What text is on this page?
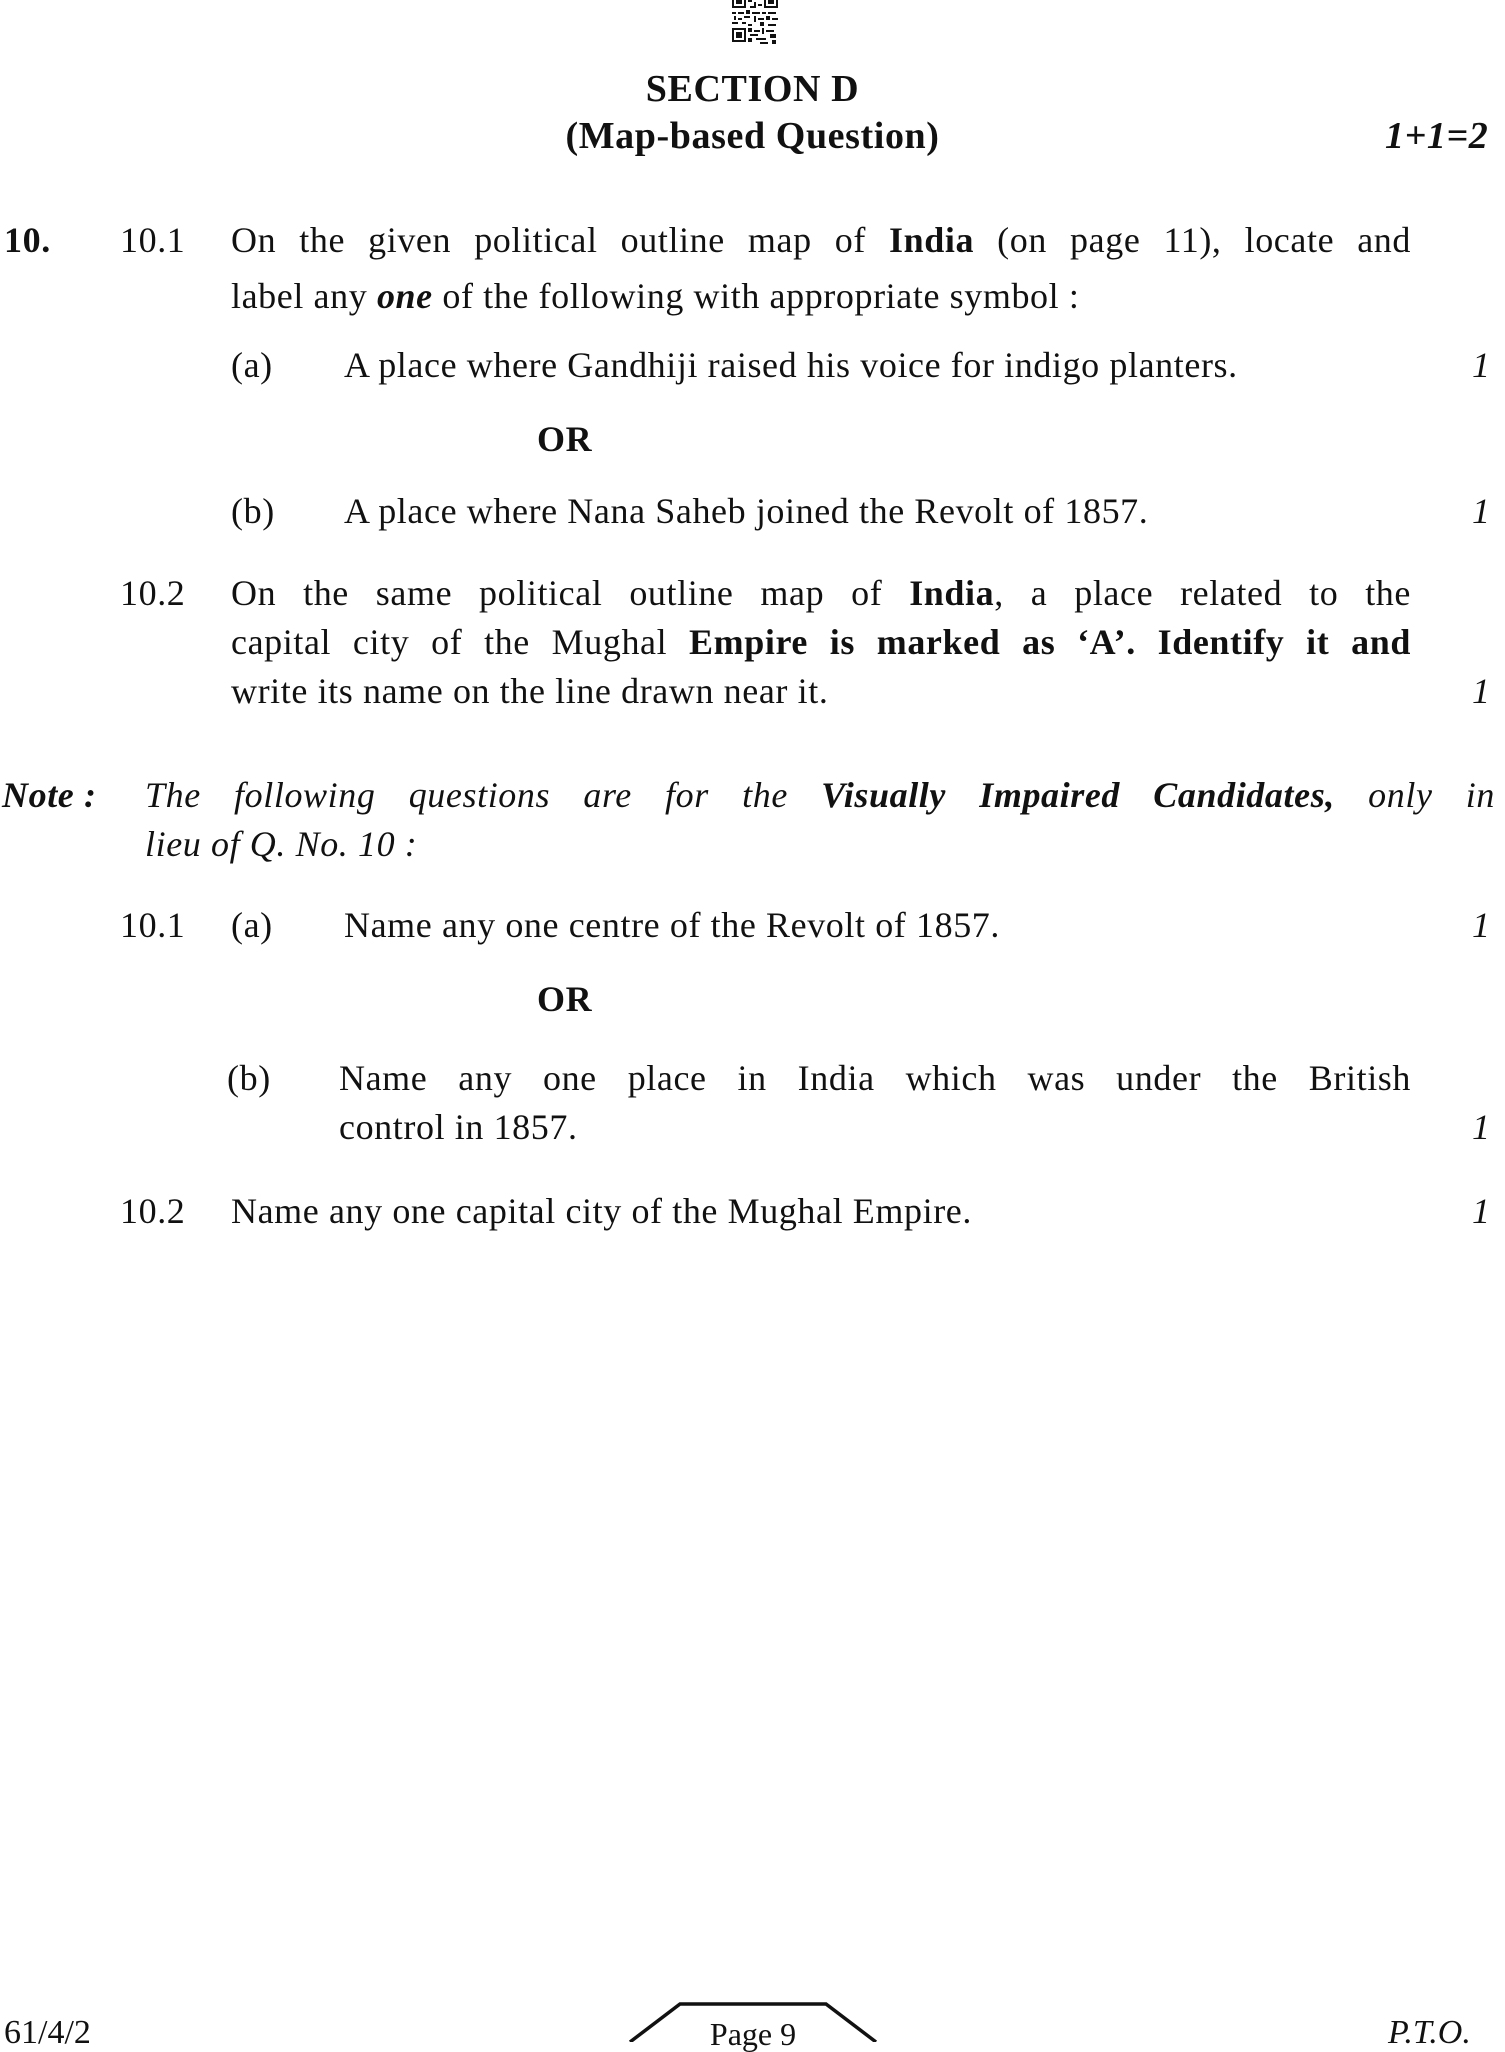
SECTION D
(Map-based Question)	1+1=2
10. 10.1 On the given political outline map of India (on page 11), locate and
label any one of the following with appropriate symbol :
(a) A place where Gandhiji raised his voice for indigo planters.	1
OR
(b) A place where Nana Saheb joined the Revolt of 1857.	1
10.2 On the same political outline map of India, a place related to the
capital city of the Mughal Empire is marked as ‘A’. Identify it and
write its name on the line drawn near it.	1
Note : The following questions are for the Visually Impaired Candidates, only in
lieu of Q. No. 10 :
10.1 (a) Name any one centre of the Revolt of 1857.	1
OR
(b) Name any one place in India which was under the British
control in 1857.	1
10.2 Name any one capital city of the Mughal Empire.	1
61/4/2	Page 9	P.T.O.
